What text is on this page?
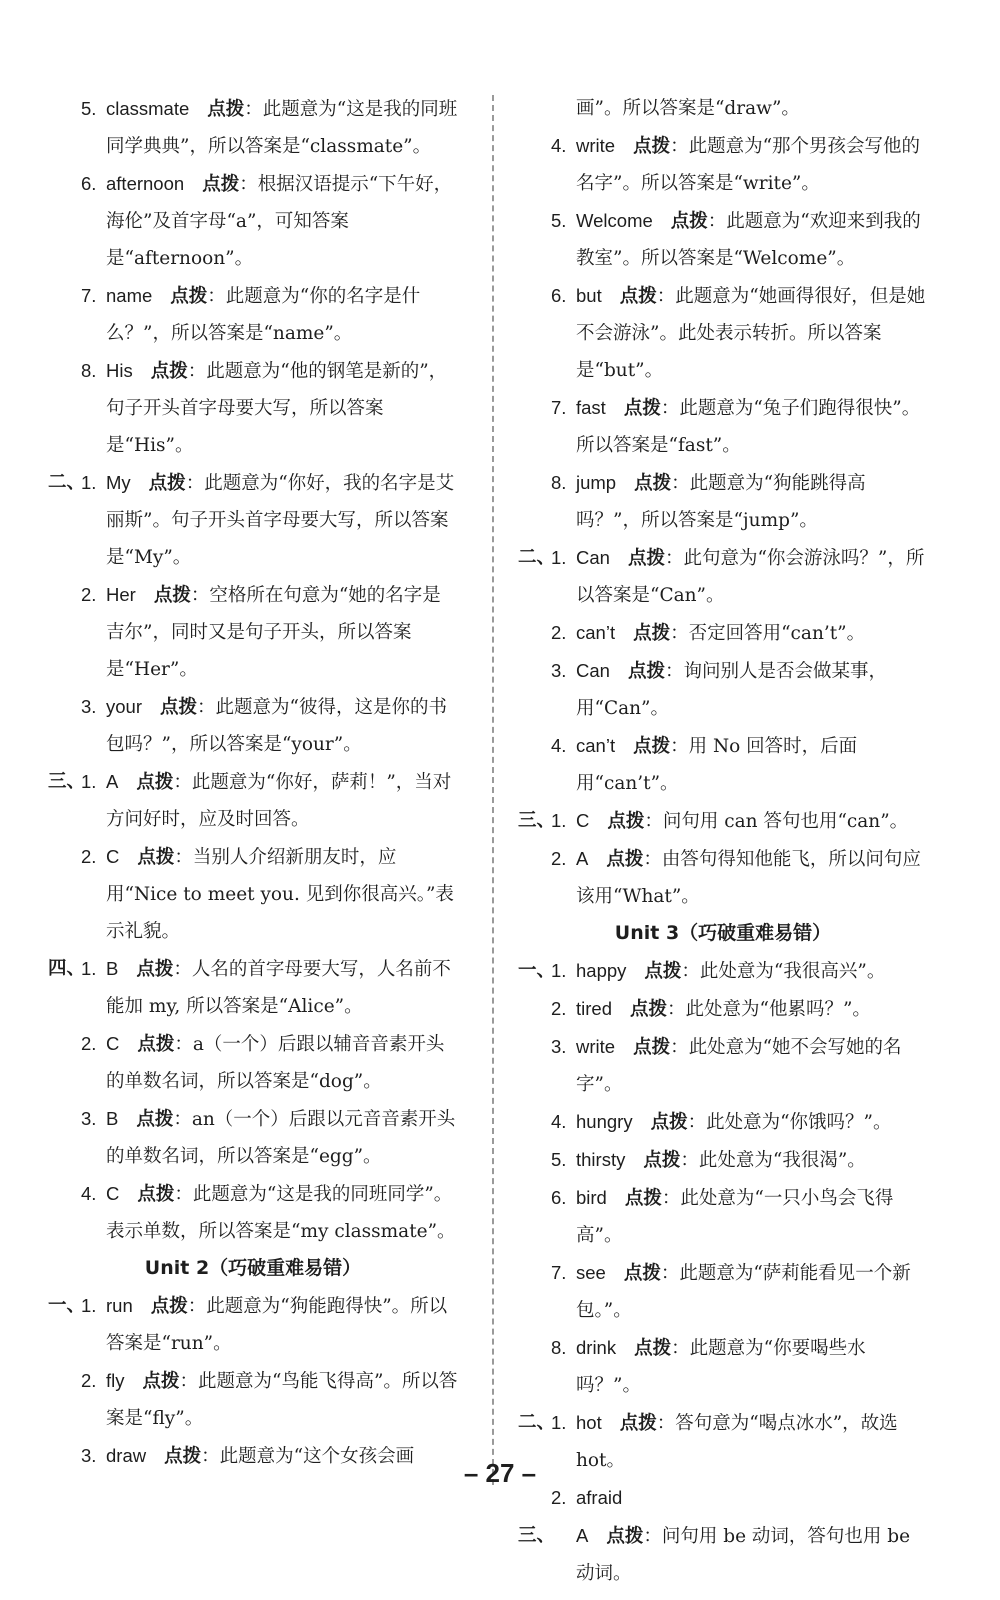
5. classmate 点拨：此题意为“这是我的同班同学典典”，所以答案是“classmate”。
6. afternoon 点拨：根据汉语提示“下午好，海伦”及首字母“a”，可知答案是“afternoon”。
7. name 点拨：此题意为“你的名字是什么？”，所以答案是“name”。
8. His 点拨：此题意为“他的钢笔是新的”，句子开头首字母要大写，所以答案是“His”。
二、
1. My 点拨：此题意为“你好，我的名字是艾丽斯”。句子开头首字母要大写，所以答案是“My”。
2. Her 点拨：空格所在句意为“她的名字是吉尔”，同时又是句子开头，所以答案是“Her”。
3. your 点拨：此题意为“彼得，这是你的书包吗？”，所以答案是“your”。
三、
1. A 点拨：此题意为“你好，萨莉！”，当对方问好时，应及时回答。
2. C 点拨：当别人介绍新朋友时，应用“Nice to meet you. 见到你很高兴。”表示礼貌。
四、
1. B 点拨：人名的首字母要大写，人名前不能加 my, 所以答案是“Alice”。
2. C 点拨：a（一个）后跟以辅音音素开头的单数名词，所以答案是“dog”。
3. B 点拨：an（一个）后跟以元音音素开头的单数名词，所以答案是“egg”。
4. C 点拨：此题意为“这是我的同班同学”。表示单数，所以答案是“my classmate”。
Unit 2（巧破重难易错）
一、
1. run 点拨：此题意为“狗能跑得快”。所以答案是“run”。
2. fly 点拨：此题意为“鸟能飞得高”。所以答案是“fly”。
3. draw 点拨：此题意为“这个女孩会画
画”。所以答案是“draw”。
4. write 点拨：此题意为“那个男孩会写他的名字”。所以答案是“write”。
5. Welcome 点拨：此题意为“欢迎来到我的教室”。所以答案是“Welcome”。
6. but 点拨：此题意为“她画得很好，但是她不会游泳”。此处表示转折。所以答案是“but”。
7. fast 点拨：此题意为“兔子们跑得很快”。所以答案是“fast”。
8. jump 点拨：此题意为“狗能跳得高吗？”，所以答案是“jump”。
二、
1. Can 点拨：此句意为“你会游泳吗？”，所以答案是“Can”。
2. can’t 点拨：否定回答用“can’t”。
3. Can 点拨：询问别人是否会做某事，用“Can”。
4. can’t 点拨：用 No 回答时，后面用“can’t”。
三、
1. C 点拨：问句用 can 答句也用“can”。
2. A 点拨：由答句得知他能飞，所以问句应该用“What”。
Unit 3（巧破重难易错）
一、
1. happy 点拨：此处意为“我很高兴”。
2. tired 点拨：此处意为“他累吗？”。
3. write 点拨：此处意为“她不会写她的名字”。
4. hungry 点拨：此处意为“你饿吗？”。
5. thirsty 点拨：此处意为“我很渴”。
6. bird 点拨：此处意为“一只小鸟会飞得高”。
7. see 点拨：此题意为“萨莉能看见一个新包。”。
8. drink 点拨：此题意为“你要喝些水吗？”。
二、
1. hot 点拨：答句意为“喝点冰水”，故选 hot。
2. afraid
三、 A 点拨：问句用 be 动词，答句也用 be 动词。
– 27 –
